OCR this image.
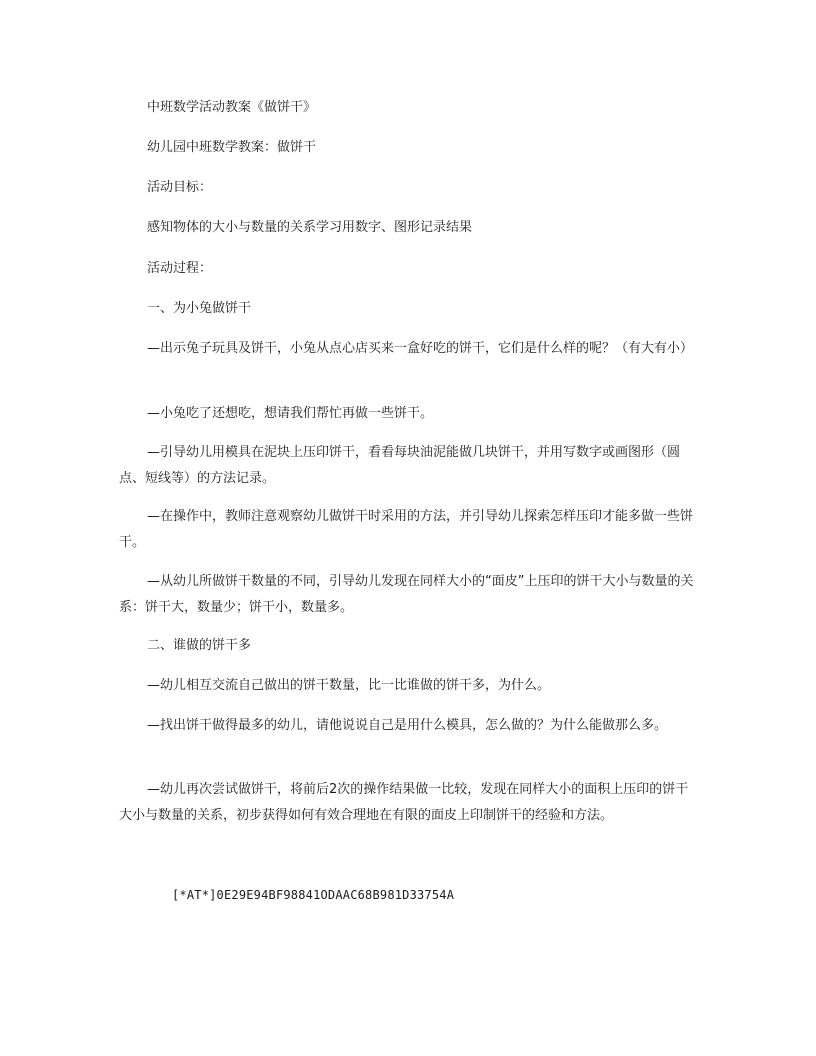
中班数学活动教案《做饼干》

幼儿园中班数学教案：做饼干

活动目标：

感知物体的大小与数量的关系学习用数字、图形记录结果

活动过程：

一、为小兔做饼干

—出示兔子玩具及饼干，小兔从点心店买来一盒好吃的饼干，它们是什么样的呢？（有大有小）

—小兔吃了还想吃，想请我们帮忙再做一些饼干。

—引导幼儿用模具在泥块上压印饼干，看看每块油泥能做几块饼干，并用写数字或画图形（圆点、短线等）的方法记录。

—在操作中，教师注意观察幼儿做饼干时采用的方法，并引导幼儿探索怎样压印才能多做一些饼干。

—从幼儿所做饼干数量的不同，引导幼儿发现在同样大小的“面皮”上压印的饼干大小与数量的关系：饼干大，数量少；饼干小，数量多。

二、谁做的饼干多

—幼儿相互交流自己做出的饼干数量，比一比谁做的饼干多，为什么。

—找出饼干做得最多的幼儿，请他说说自己是用什么模具，怎么做的？为什么能做那么多。

—幼儿再次尝试做饼干，将前后2次的操作结果做一比较，发现在同样大小的面积上压印的饼干大小与数量的关系，初步获得如何有效合理地在有限的面皮上印制饼干的经验和方法。

[*AT*]0E29E94BF98841ODAAC68B981D33754A
